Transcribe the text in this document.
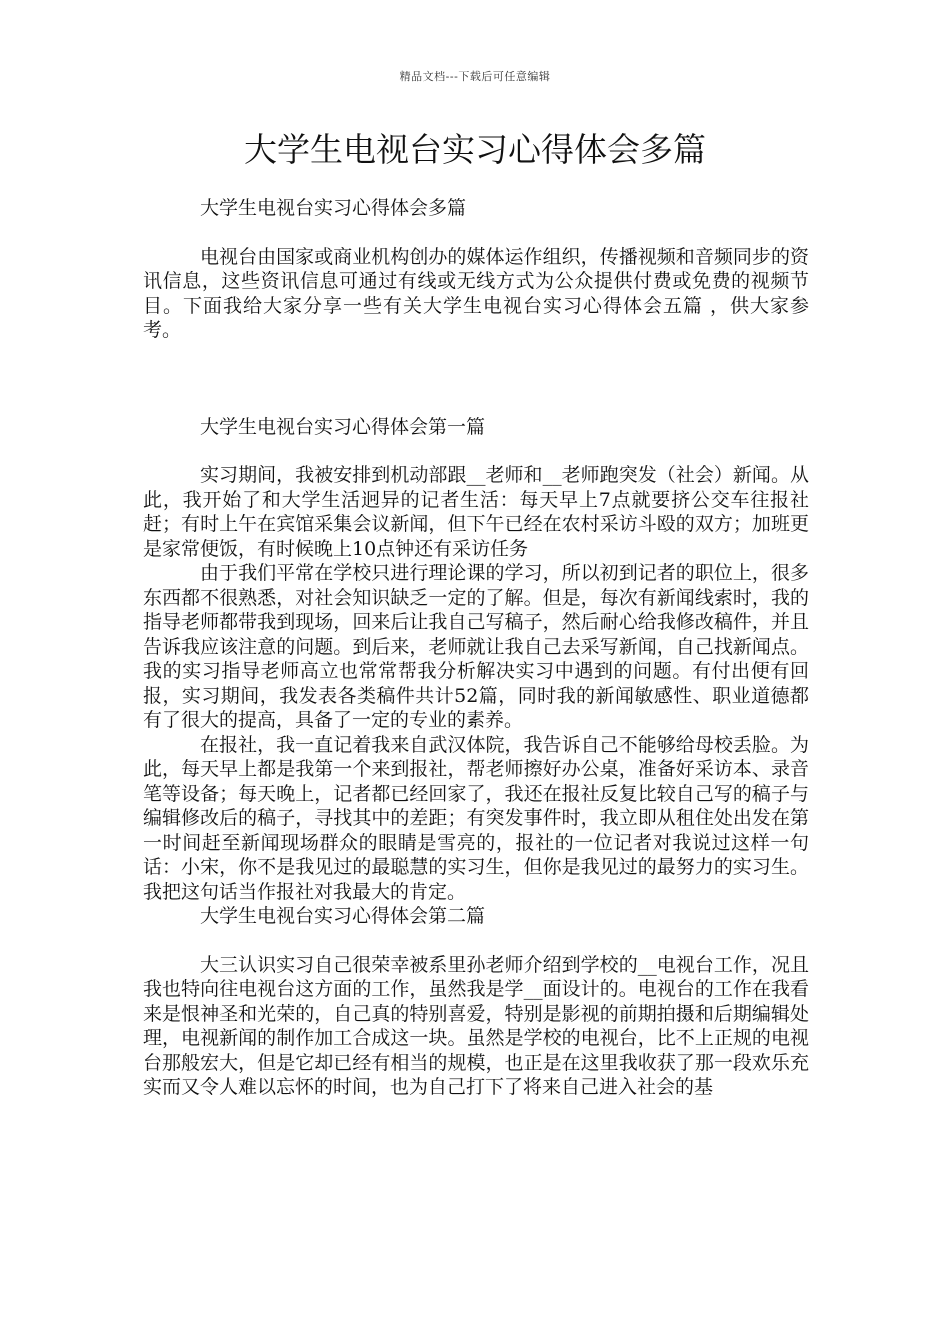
精品文档---下载后可任意编辑
大学生电视台实习心得体会多篇

大学生电视台实习心得体会多篇

电视台由国家或商业机构创办的媒体运作组织，传播视频和音频同步的资讯信息，这些资讯信息可通过有线或无线方式为公众提供付费或免费的视频节目。下面我给大家分享一些有关大学生电视台实习心得体会五篇 ，供大家参考。

大学生电视台实习心得体会第一篇

实习期间，我被安排到机动部跟__老师和__老师跑突发（社会）新闻。从此，我开始了和大学生活迥异的记者生活：每天早上7点就要挤公交车往报社赶；有时上午在宾馆采集会议新闻，但下午已经在农村采访斗殴的双方；加班更是家常便饭，有时候晚上10点钟还有采访任务

由于我们平常在学校只进行理论课的学习，所以初到记者的职位上，很多东西都不很熟悉，对社会知识缺乏一定的了解。但是，每次有新闻线索时，我的指导老师都带我到现场，回来后让我自己写稿子，然后耐心给我修改稿件，并且告诉我应该注意的问题。到后来，老师就让我自己去采写新闻，自己找新闻点。我的实习指导老师高立也常常帮我分析解决实习中遇到的问题。有付出便有回报，实习期间，我发表各类稿件共计52篇，同时我的新闻敏感性、职业道德都有了很大的提高，具备了一定的专业的素养。

在报社，我一直记着我来自武汉体院，我告诉自己不能够给母校丢脸。为此，每天早上都是我第一个来到报社，帮老师擦好办公桌，准备好采访本、录音笔等设备；每天晚上，记者都已经回家了，我还在报社反复比较自己写的稿子与编辑修改后的稿子，寻找其中的差距；有突发事件时，我立即从租住处出发在第一时间赶至新闻现场群众的眼睛是雪亮的，报社的一位记者对我说过这样一句话：小宋，你不是我见过的最聪慧的实习生，但你是我见过的最努力的实习生。我把这句话当作报社对我最大的肯定。

大学生电视台实习心得体会第二篇

大三认识实习自己很荣幸被系里孙老师介绍到学校的__电视台工作，况且我也特向往电视台这方面的工作，虽然我是学__面设计的。电视台的工作在我看来是恨神圣和光荣的，自己真的特别喜爱，特别是影视的前期拍摄和后期编辑处理，电视新闻的制作加工合成这一块。虽然是学校的电视台，比不上正规的电视台那般宏大，但是它却已经有相当的规模，也正是在这里我收获了那一段欢乐充实而又令人难以忘怀的时间，也为自己打下了将来自己进入社会的基
